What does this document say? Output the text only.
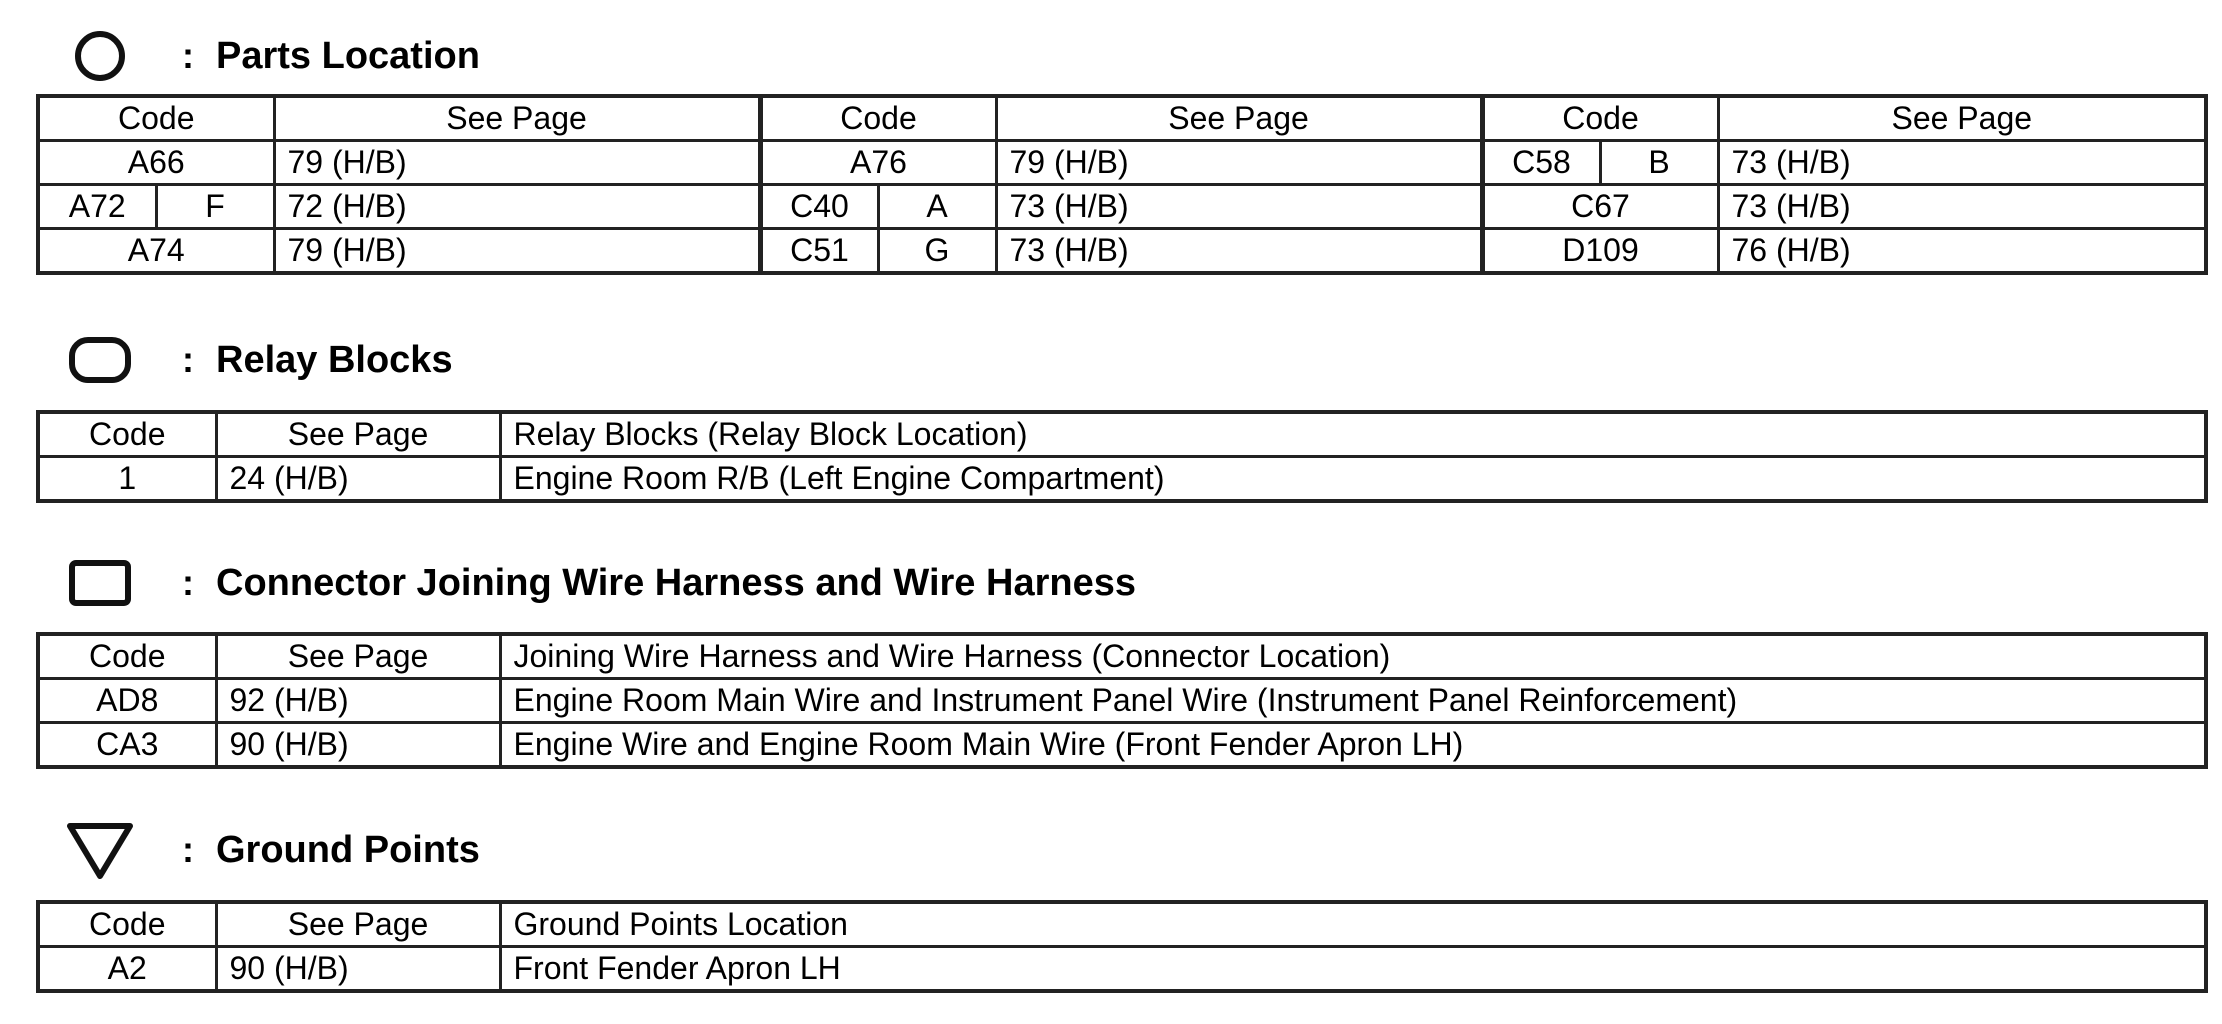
: Parts Location
Code		See Page	Code		See Page	Code		See Page
A66		79 (H/B)	A76		79 (H/B)	C58	B	73 (H/B)
A72	F	72 (H/B)	C40	A	73 (H/B)	C67		73 (H/B)
A74		79 (H/B)	C51	G	73 (H/B)	D109		76 (H/B)
: Relay Blocks
Code	See Page	Relay Blocks (Relay Block Location)
1	24 (H/B)	Engine Room R/B (Left Engine Compartment)
: Connector Joining Wire Harness and Wire Harness
Code	See Page	Joining Wire Harness and Wire Harness (Connector Location)
AD8	92 (H/B)	Engine Room Main Wire and Instrument Panel Wire (Instrument Panel Reinforcement)
CA3	90 (H/B)	Engine Wire and Engine Room Main Wire (Front Fender Apron LH)
: Ground Points
Code	See Page	Ground Points Location
A2	90 (H/B)	Front Fender Apron LH
